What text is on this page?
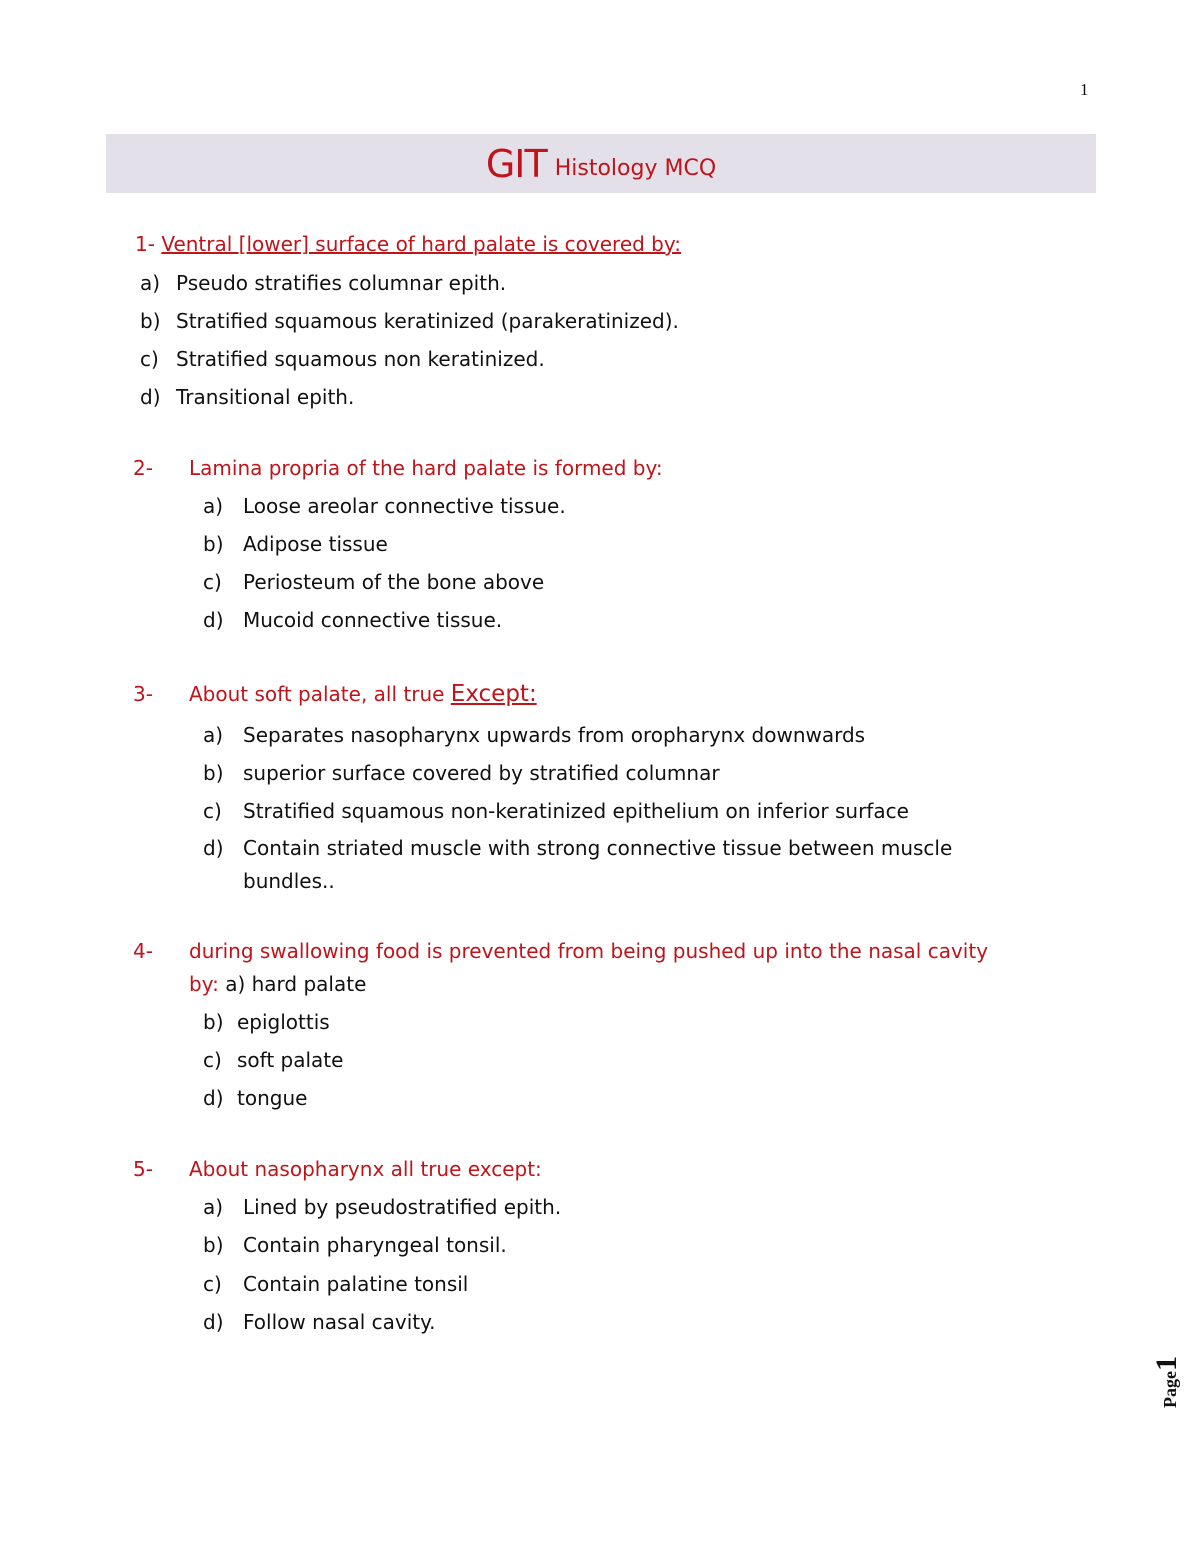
1
GIT Histology MCQ
1- Ventral [lower] surface of hard palate is covered by:
a) Pseudo stratifies columnar epith.
b) Stratified squamous keratinized (parakeratinized).
c) Stratified squamous non keratinized.
d) Transitional epith.
2- Lamina propria of the hard palate is formed by:
a) Loose areolar connective tissue.
b) Adipose tissue
c) Periosteum of the bone above
d) Mucoid connective tissue.
3- About soft palate, all true Except:
a) Separates nasopharynx upwards from oropharynx downwards
b) superior surface covered by stratified columnar
c) Stratified squamous non-keratinized epithelium on inferior surface
d) Contain striated muscle with strong connective tissue between muscle
bundles..
4- during swallowing food is prevented from being pushed up into the nasal cavity
by: a) hard palate
b) epiglottis
c) soft palate
d) tongue
5- About nasopharynx all true except:
a) Lined by pseudostratified epith.
b) Contain pharyngeal tonsil.
c) Contain palatine tonsil
d) Follow nasal cavity.
Page1
